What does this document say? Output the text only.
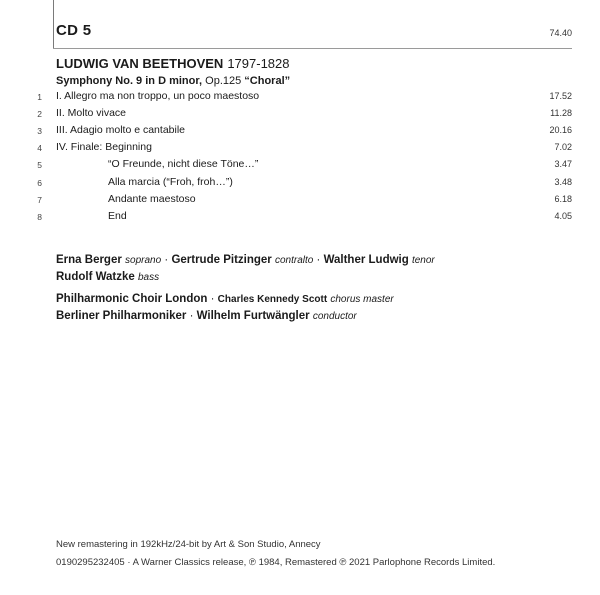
CD 5	74.40
LUDWIG VAN BEETHOVEN 1797-1828
Symphony No. 9 in D minor, Op.125 “Choral”
1 I. Allegro ma non troppo, un poco maestoso	17.52
2 II. Molto vivace	11.28
3 III. Adagio molto e cantabile	20.16
4 IV. Finale: Beginning	7.02
5	“O Freunde, nicht diese Töne…”	3.47
6	Alla marcia (“Froh, froh…”)	3.48
7	Andante maestoso	6.18
8	End	4.05
Erna Berger soprano · Gertrude Pitzinger contralto · Walther Ludwig tenor
Rudolf Watzke bass
Philharmonic Choir London · Charles Kennedy Scott chorus master
Berliner Philharmoniker · Wilhelm Furtwängler conductor
New remastering in 192kHz/24-bit by Art & Son Studio, Annecy
0190295232405 · A Warner Classics release, ℗ 1984, Remastered ℗ 2021 Parlophone Records Limited.
